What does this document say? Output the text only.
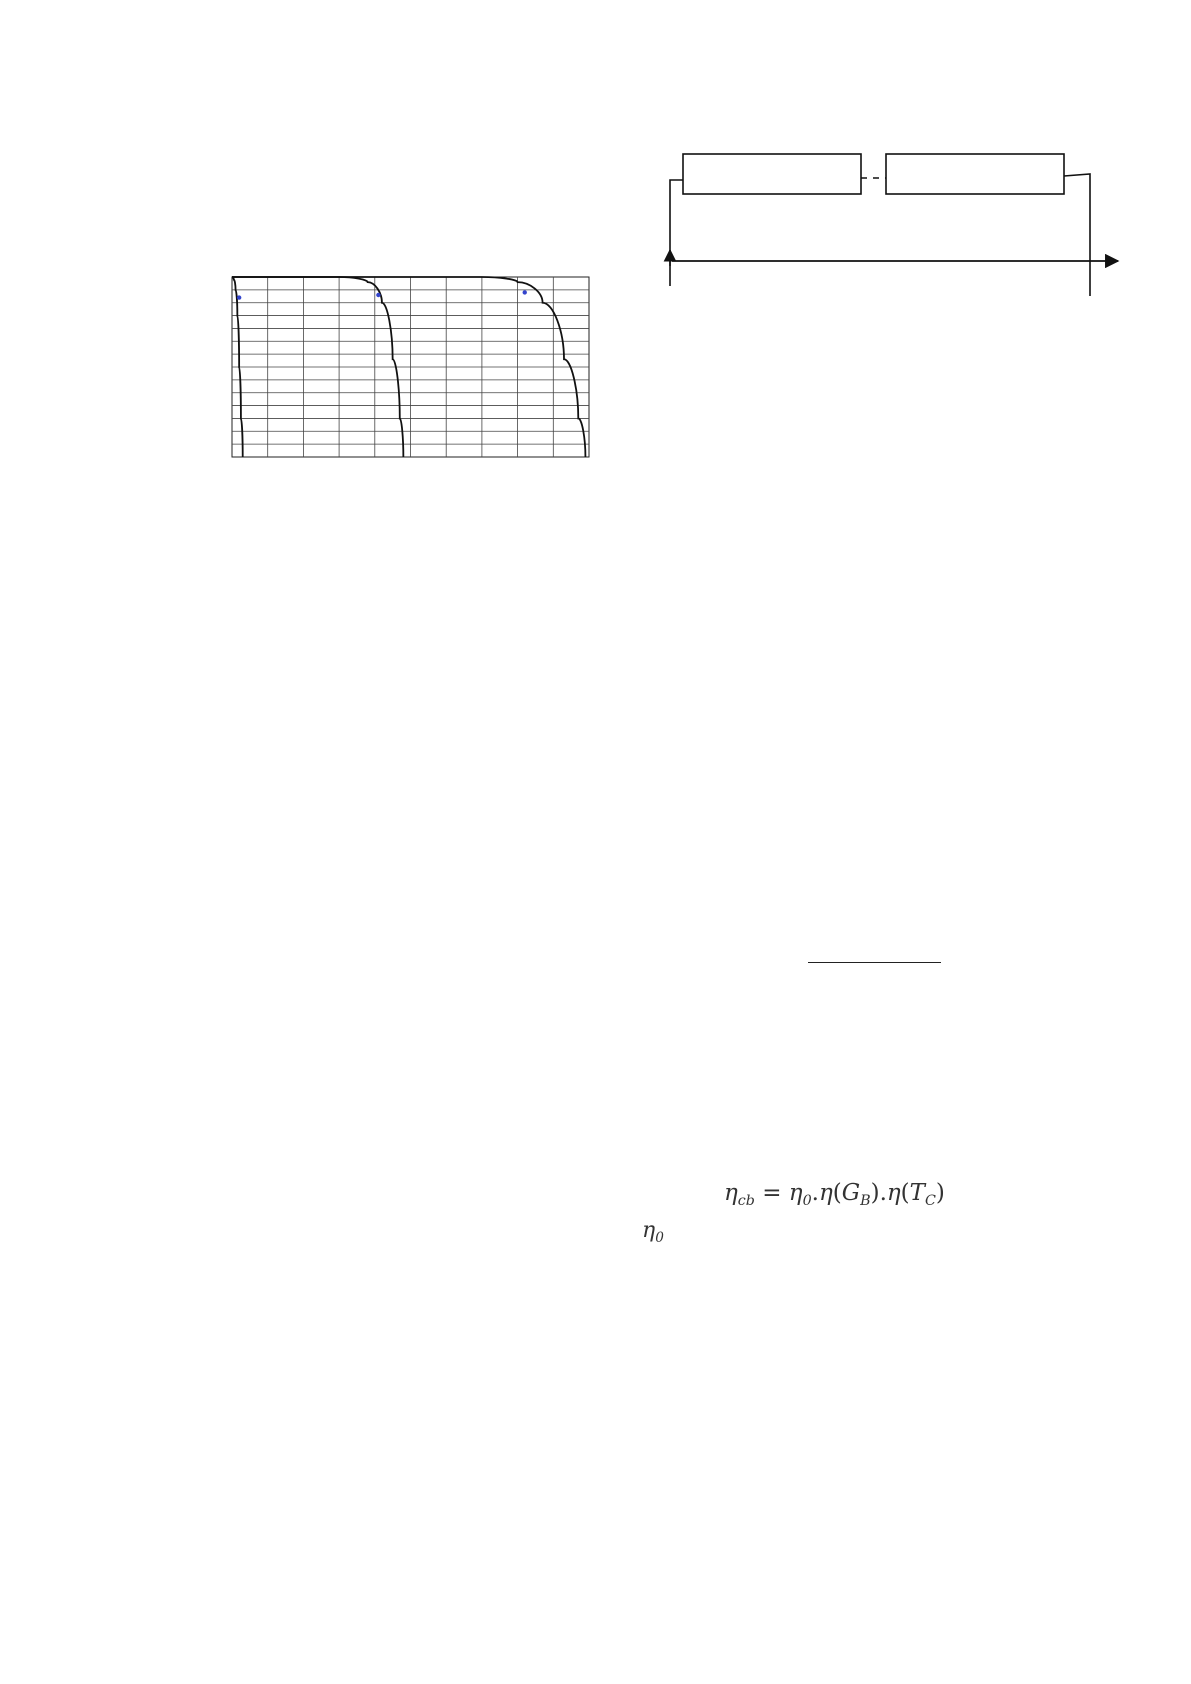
$\eta_{cb} = \eta_0.\eta(G_B).\eta(T_C)$
$\eta_0$
